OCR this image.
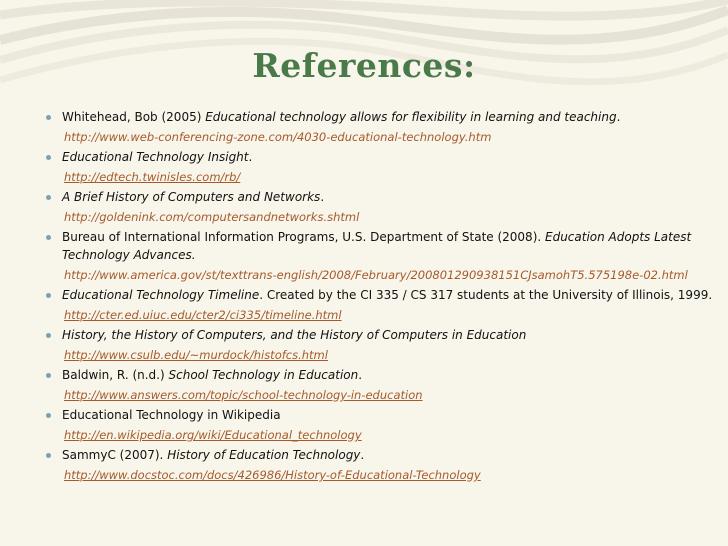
References:
Whitehead, Bob (2005) Educational technology allows for flexibility in learning and teaching.
http://www.web-conferencing-zone.com/4030-educational-technology.htm
Educational Technology Insight.
http://edtech.twinisles.com/rb/
A Brief History of Computers and Networks.
http://goldenink.com/computersandnetworks.shtml
Bureau of International Information Programs, U.S. Department of State (2008). Education Adopts Latest Technology Advances.
http://www.america.gov/st/texttrans-english/2008/February/200801290938151CJsamohT5.575198e-02.html
Educational Technology Timeline. Created by the CI 335 / CS 317 students at the University of Illinois, 1999.
http://cter.ed.uiuc.edu/cter2/ci335/timeline.html
History, the History of Computers, and the History of Computers in Education
http://www.csulb.edu/~murdock/histofcs.html
Baldwin, R. (n.d.) School Technology in Education.
http://www.answers.com/topic/school-technology-in-education
Educational Technology in Wikipedia
http://en.wikipedia.org/wiki/Educational_technology
SammyC (2007). History of Education Technology.
http://www.docstoc.com/docs/426986/History-of-Educational-Technology
